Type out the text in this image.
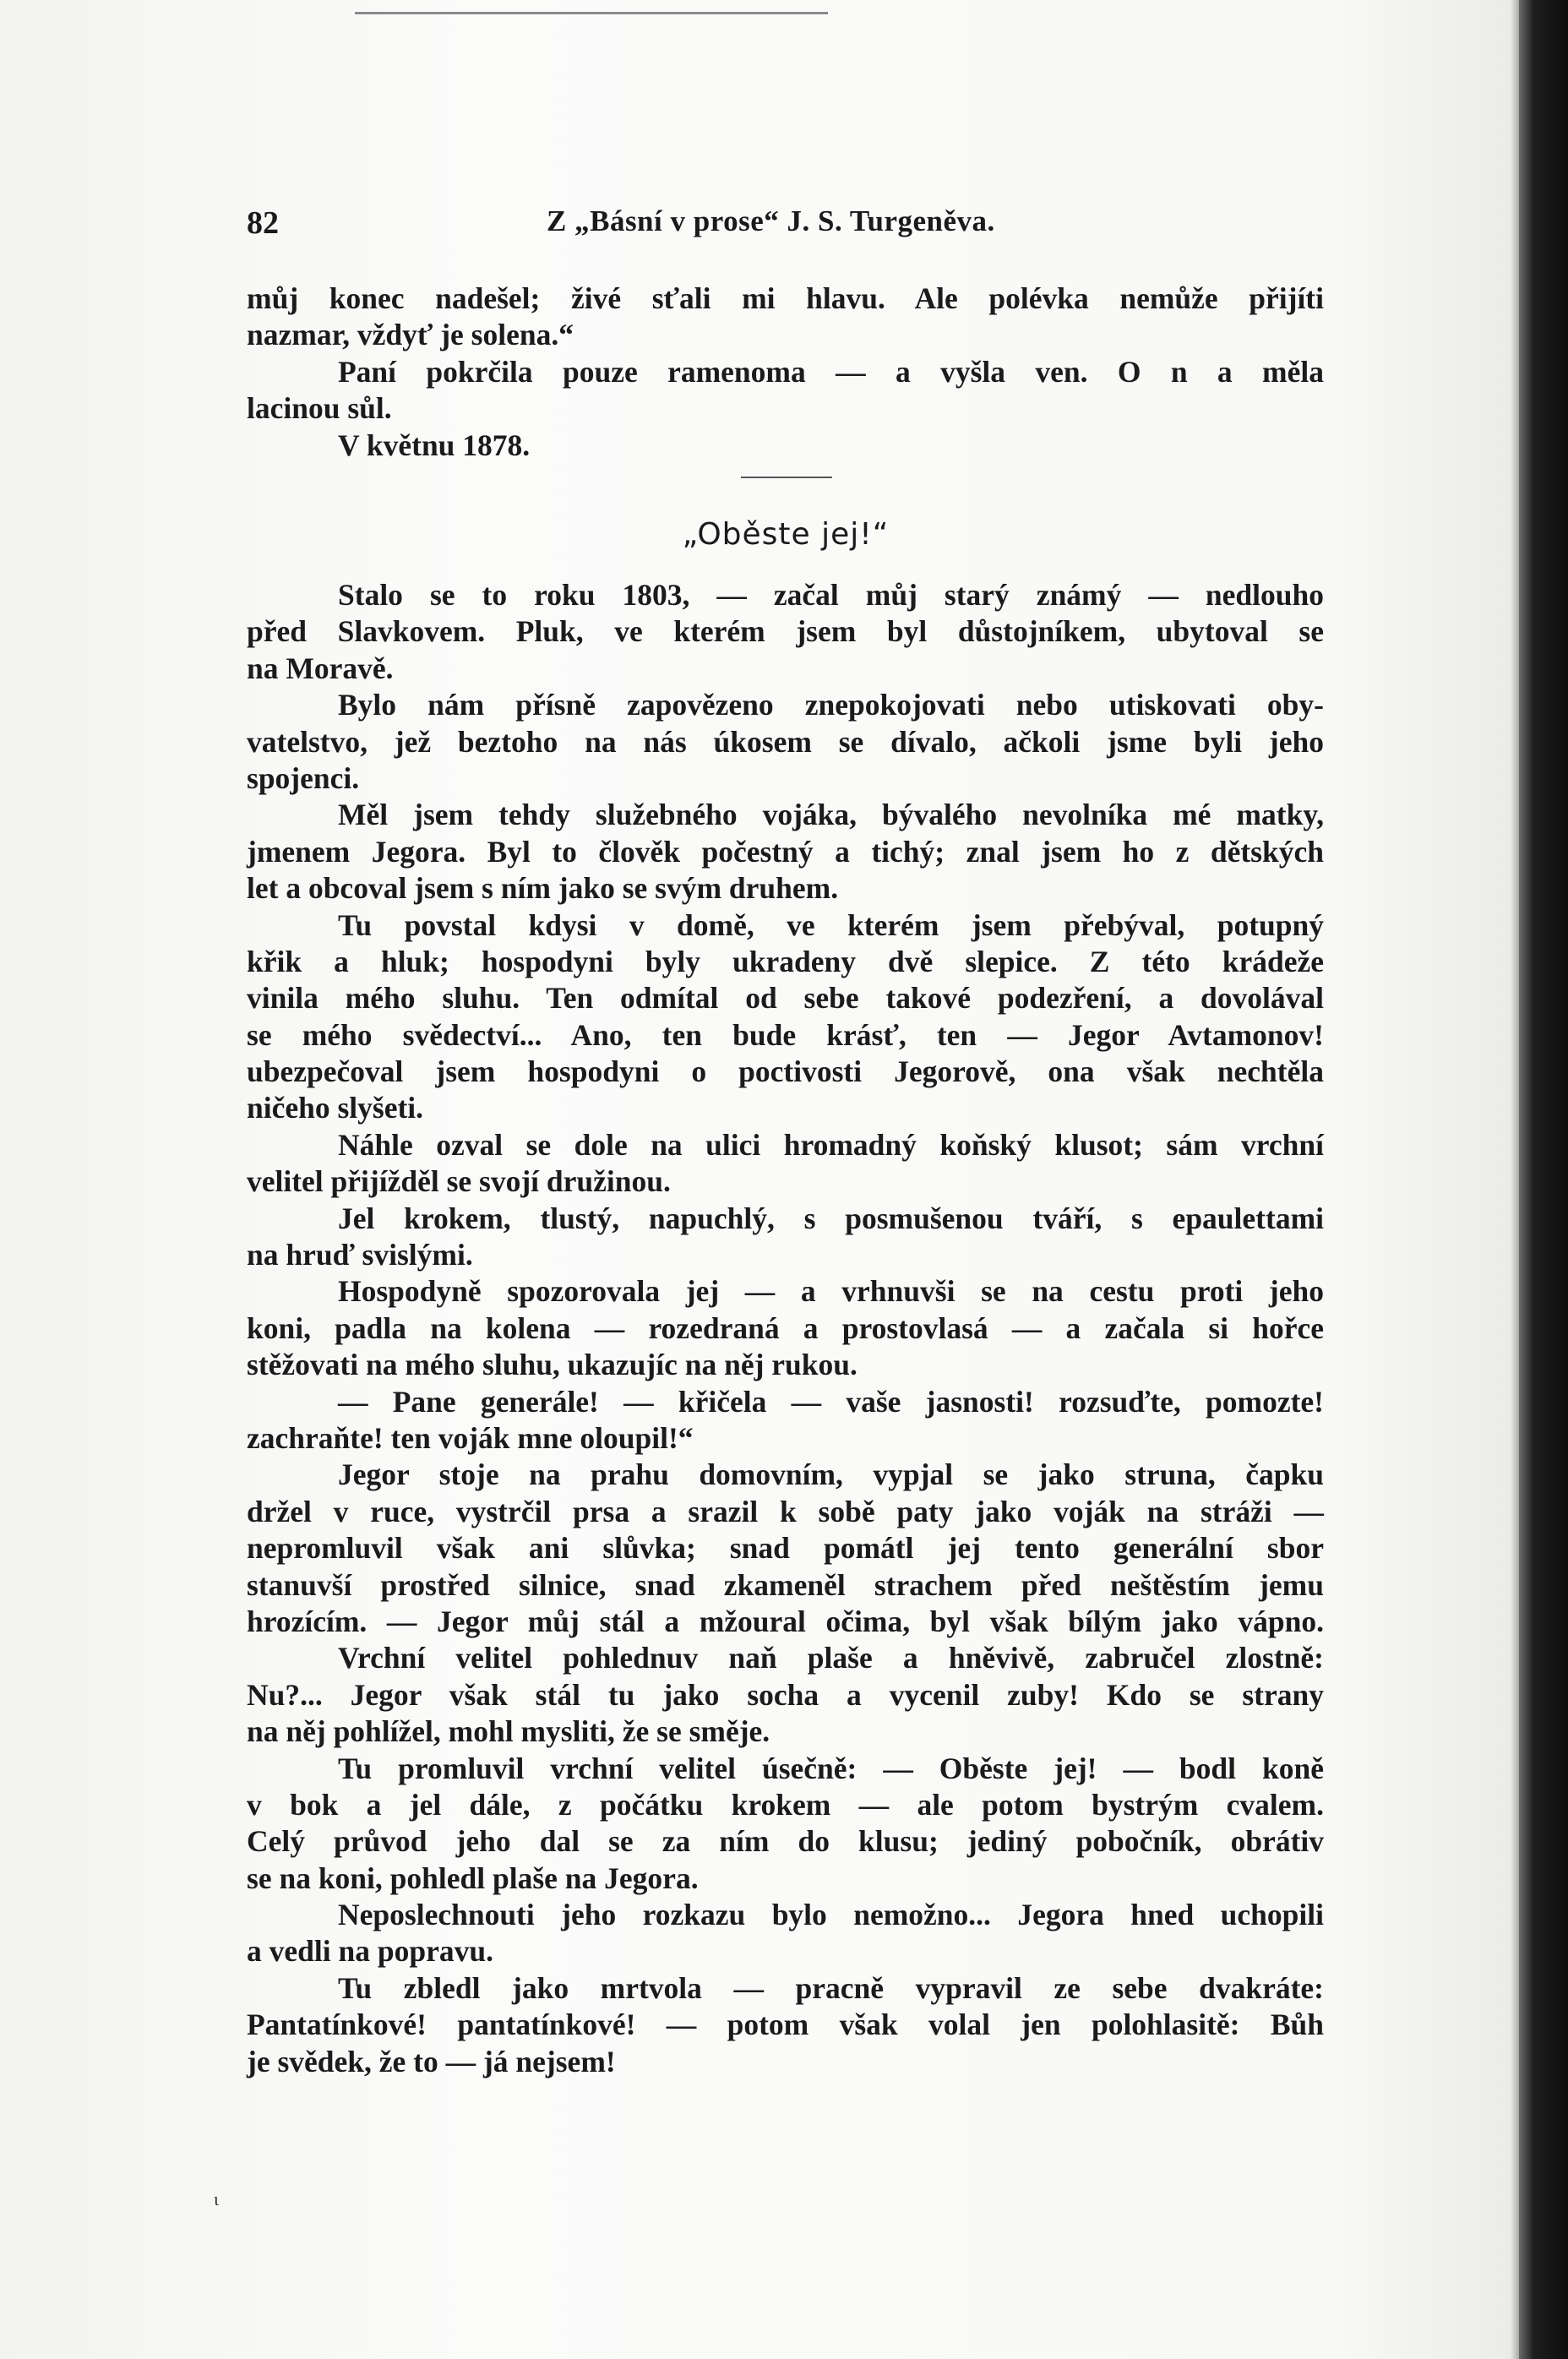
82	Z „Básní v prose“ J. S. Turgeněva.
můj konec nadešel; živé sťali mi hlavu. Ale polévka nemůže přijíti
nazmar, vždyť je solena.“
Paní pokrčila pouze ramenoma — a vyšla ven. O n a měla
lacinou sůl.
V květnu 1878.
„Oběste jej!“
Stalo se to roku 1803, — začal můj starý známý — nedlouho
před Slavkovem. Pluk, ve kterém jsem byl důstojníkem, ubytoval se
na Moravě.
Bylo nám přísně zapovězeno znepokojovati nebo utiskovati oby-
vatelstvo, jež beztoho na nás úkosem se dívalo, ačkoli jsme byli jeho
spojenci.
Měl jsem tehdy služebného vojáka, bývalého nevolníka mé matky,
jmenem Jegora. Byl to člověk počestný a tichý; znal jsem ho z dětských
let a obcoval jsem s ním jako se svým druhem.
Tu povstal kdysi v domě, ve kterém jsem přebýval, potupný
křik a hluk; hospodyni byly ukradeny dvě slepice. Z této krádeže
vinila mého sluhu. Ten odmítal od sebe takové podezření, a dovolával
se mého svědectví... Ano, ten bude krásť, ten — Jegor Avtamonov!
ubezpečoval jsem hospodyni o poctivosti Jegorově, ona však nechtěla
ničeho slyšeti.
Náhle ozval se dole na ulici hromadný koňský klusot; sám vrchní
velitel přijížděl se svojí družinou.
Jel krokem, tlustý, napuchlý, s posmušenou tváří, s epaulettami
na hruď svislými.
Hospodyně spozorovala jej — a vrhnuvši se na cestu proti jeho
koni, padla na kolena — rozedraná a prostovlasá — a začala si hořce
stěžovati na mého sluhu, ukazujíc na něj rukou.
— Pane generále! — křičela — vaše jasnosti! rozsuďte, pomozte!
zachraňte! ten voják mne oloupil!“
Jegor stoje na prahu domovním, vypjal se jako struna, čapku
držel v ruce, vystrčil prsa a srazil k sobě paty jako voják na stráži —
nepromluvil však ani slůvka; snad pomátl jej tento generální sbor
stanuvší prostřed silnice, snad zkameněl strachem před neštěstím jemu
hrozícím. — Jegor můj stál a mžoural očima, byl však bílým jako vápno.
Vrchní velitel pohlednuv naň plaše a hněvivě, zabručel zlostně:
Nu?... Jegor však stál tu jako socha a vycenil zuby! Kdo se strany
na něj pohlížel, mohl mysliti, že se směje.
Tu promluvil vrchní velitel úsečně: — Oběste jej! — bodl koně
v bok a jel dále, z počátku krokem — ale potom bystrým cvalem.
Celý průvod jeho dal se za ním do klusu; jediný pobočník, obrátiv
se na koni, pohledl plaše na Jegora.
Neposlechnouti jeho rozkazu bylo nemožno... Jegora hned uchopili
a vedli na popravu.
Tu zbledl jako mrtvola — pracně vypravil ze sebe dvakráte:
Pantatínkové! pantatínkové! — potom však volal jen polohlasitě: Bůh
je svědek, že to — já nejsem!
ι
